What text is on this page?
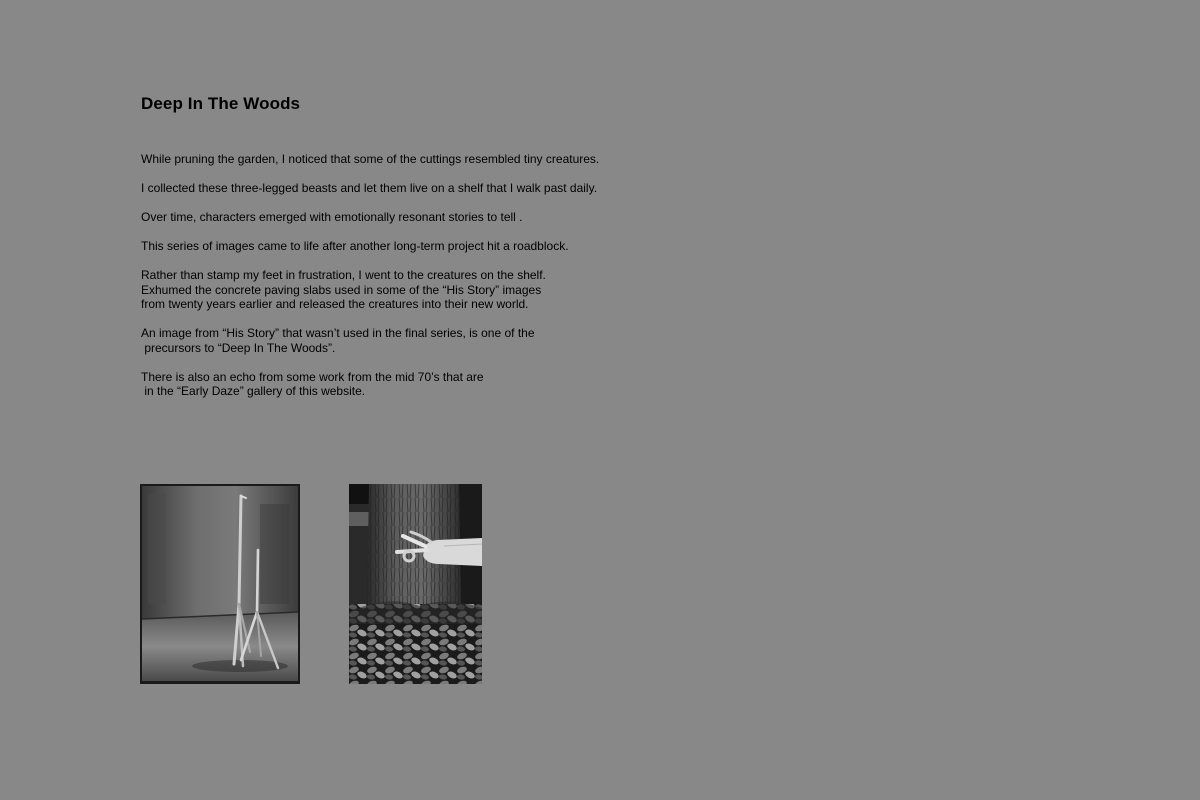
Deep In The Woods

While pruning the garden, I noticed that some of the cuttings resembled tiny creatures.

I collected these three-legged beasts and let them live on a shelf that I walk past daily.

Over time, characters emerged with emotionally resonant stories to tell .

This series of images came to life after another long-term project hit a roadblock.

Rather than stamp my feet in frustration, I went to the creatures on the shelf.
Exhumed the concrete paving slabs used in some of the “His Story” images
from twenty years earlier and released the creatures into their new world.

An image from “His Story” that wasn’t used in the final series, is one of the
precursors to “Deep In The Woods”.

There is also an echo from some work from the mid 70’s that are
in the “Early Daze” gallery of this website.
